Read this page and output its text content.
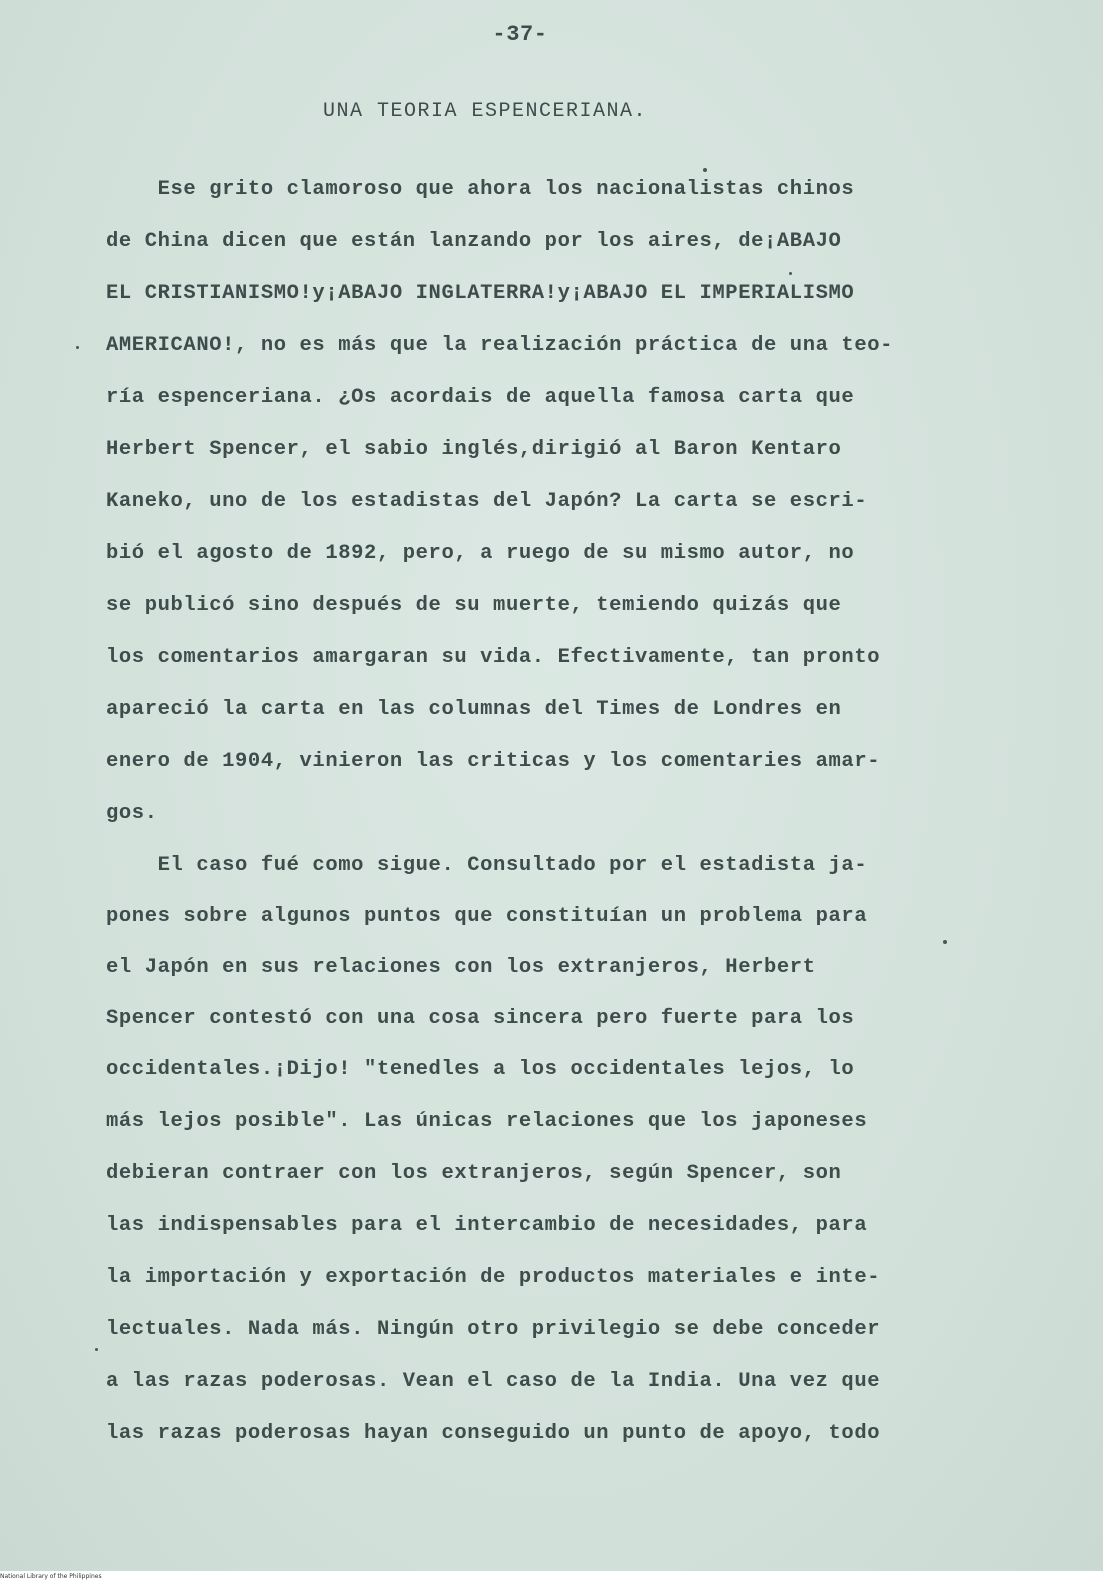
-37-
UNA TEORIA ESPENCERIANA.
Ese grito clamoroso que ahora los nacionalistas chinos
de China dicen que están lanzando por los aires, de¡ABAJO
EL CRISTIANISMO!y¡ABAJO INGLATERRA!y¡ABAJO EL IMPERIALISMO
AMERICANO!, no es más que la realización práctica de una teo-
ría espenceriana. ¿Os acordais de aquella famosa carta que
Herbert Spencer, el sabio inglés,dirigió al Baron Kentaro
Kaneko, uno de los estadistas del Japón? La carta se escri-
bió el agosto de 1892, pero, a ruego de su mismo autor, no
se publicó sino después de su muerte, temiendo quizás que
los comentarios amargaran su vida. Efectivamente, tan pronto
apareció la carta en las columnas del Times de Londres en
enero de 1904, vinieron las criticas y los comentaries amar-
gos.
El caso fué como sigue. Consultado por el estadista ja-
pones sobre algunos puntos que constituían un problema para
el Japón en sus relaciones con los extranjeros, Herbert
Spencer contestó con una cosa sincera pero fuerte para los
occidentales.¡Dijo! "tenedles a los occidentales lejos, lo
más lejos posible". Las únicas relaciones que los japoneses
debieran contraer con los extranjeros, según Spencer, son
las indispensables para el intercambio de necesidades, para
la importación y exportación de productos materiales e inte-
lectuales. Nada más. Ningún otro privilegio se debe conceder
a las razas poderosas. Vean el caso de la India. Una vez que
las razas poderosas hayan conseguido un punto de apoyo, todo
National Library of the Philippines
